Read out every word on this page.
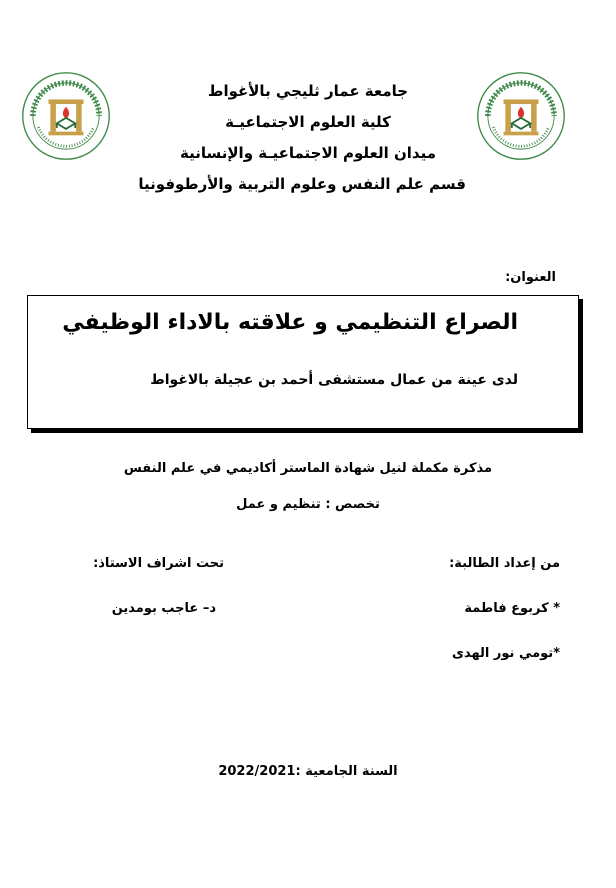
جامعة عمار ثليجي بالأغواط
كلية العلوم الاجتماعيـة
ميدان العلوم الاجتماعيـة والإنسانية
قسم علم النفس وعلوم التربية والأرطوفونيا
العنوان:
الصراع التنظيمي و علاقته بالاداء الوظيفي
لدى عينة من عمال مستشفى أحمد بن عجيلة بالاغواط
مذكرة مكملة لنيل شهادة الماستر أكاديمي في علم النفس
تخصص : تنظيم و عمل
من إعداد الطالبة:
تحت اشراف الاستاذ:
* كربوع فاطمة
د– عاجب بومدين
*تومي نور الهدى
السنة الجامعية :2022/2021
